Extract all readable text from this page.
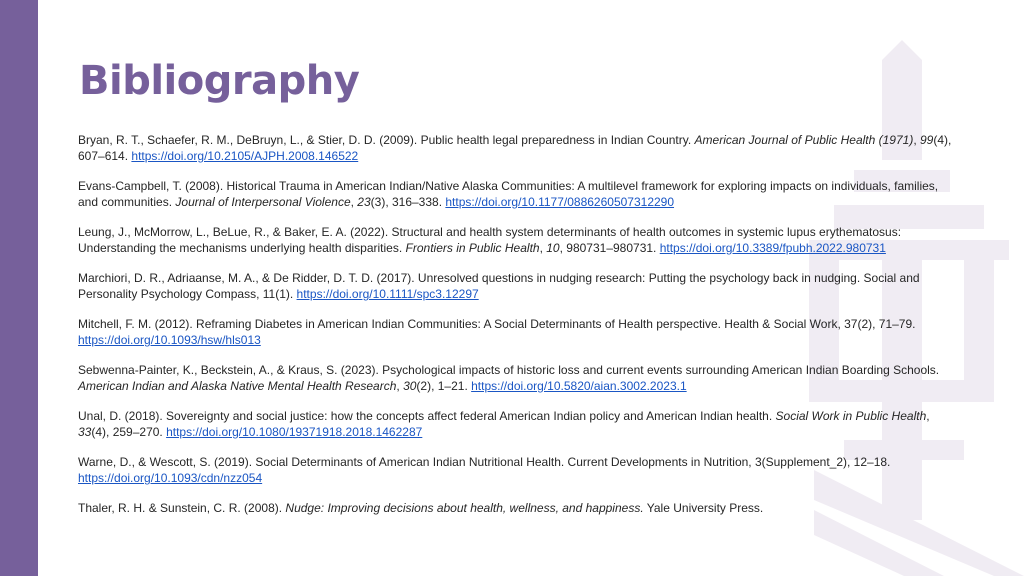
Bibliography

Bryan, R. T., Schaefer, R. M., DeBruyn, L., & Stier, D. D. (2009). Public health legal preparedness in Indian Country. American Journal of Public Health (1971), 99(4), 607–614. https://doi.org/10.2105/AJPH.2008.146522

Evans-Campbell, T. (2008). Historical Trauma in American Indian/Native Alaska Communities: A multilevel framework for exploring impacts on individuals, families, and communities. Journal of Interpersonal Violence, 23(3), 316–338. https://doi.org/10.1177/0886260507312290

Leung, J., McMorrow, L., BeLue, R., & Baker, E. A. (2022). Structural and health system determinants of health outcomes in systemic lupus erythematosus: Understanding the mechanisms underlying health disparities. Frontiers in Public Health, 10, 980731–980731. https://doi.org/10.3389/fpubh.2022.980731

Marchiori, D. R., Adriaanse, M. A., & De Ridder, D. T. D. (2017). Unresolved questions in nudging research: Putting the psychology back in nudging. Social and Personality Psychology Compass, 11(1). https://doi.org/10.1111/spc3.12297

Mitchell, F. M. (2012). Reframing Diabetes in American Indian Communities: A Social Determinants of Health perspective. Health & Social Work, 37(2), 71–79. https://doi.org/10.1093/hsw/hls013

Sebwenna-Painter, K., Beckstein, A., & Kraus, S. (2023). Psychological impacts of historic loss and current events surrounding American Indian Boarding Schools. American Indian and Alaska Native Mental Health Research, 30(2), 1–21. https://doi.org/10.5820/aian.3002.2023.1

Unal, D. (2018). Sovereignty and social justice: how the concepts affect federal American Indian policy and American Indian health. Social Work in Public Health, 33(4), 259–270. https://doi.org/10.1080/19371918.2018.1462287

Warne, D., & Wescott, S. (2019). Social Determinants of American Indian Nutritional Health. Current Developments in Nutrition, 3(Supplement_2), 12–18. https://doi.org/10.1093/cdn/nzz054

Thaler, R. H. & Sunstein, C. R. (2008). Nudge: Improving decisions about health, wellness, and happiness. Yale University Press.
